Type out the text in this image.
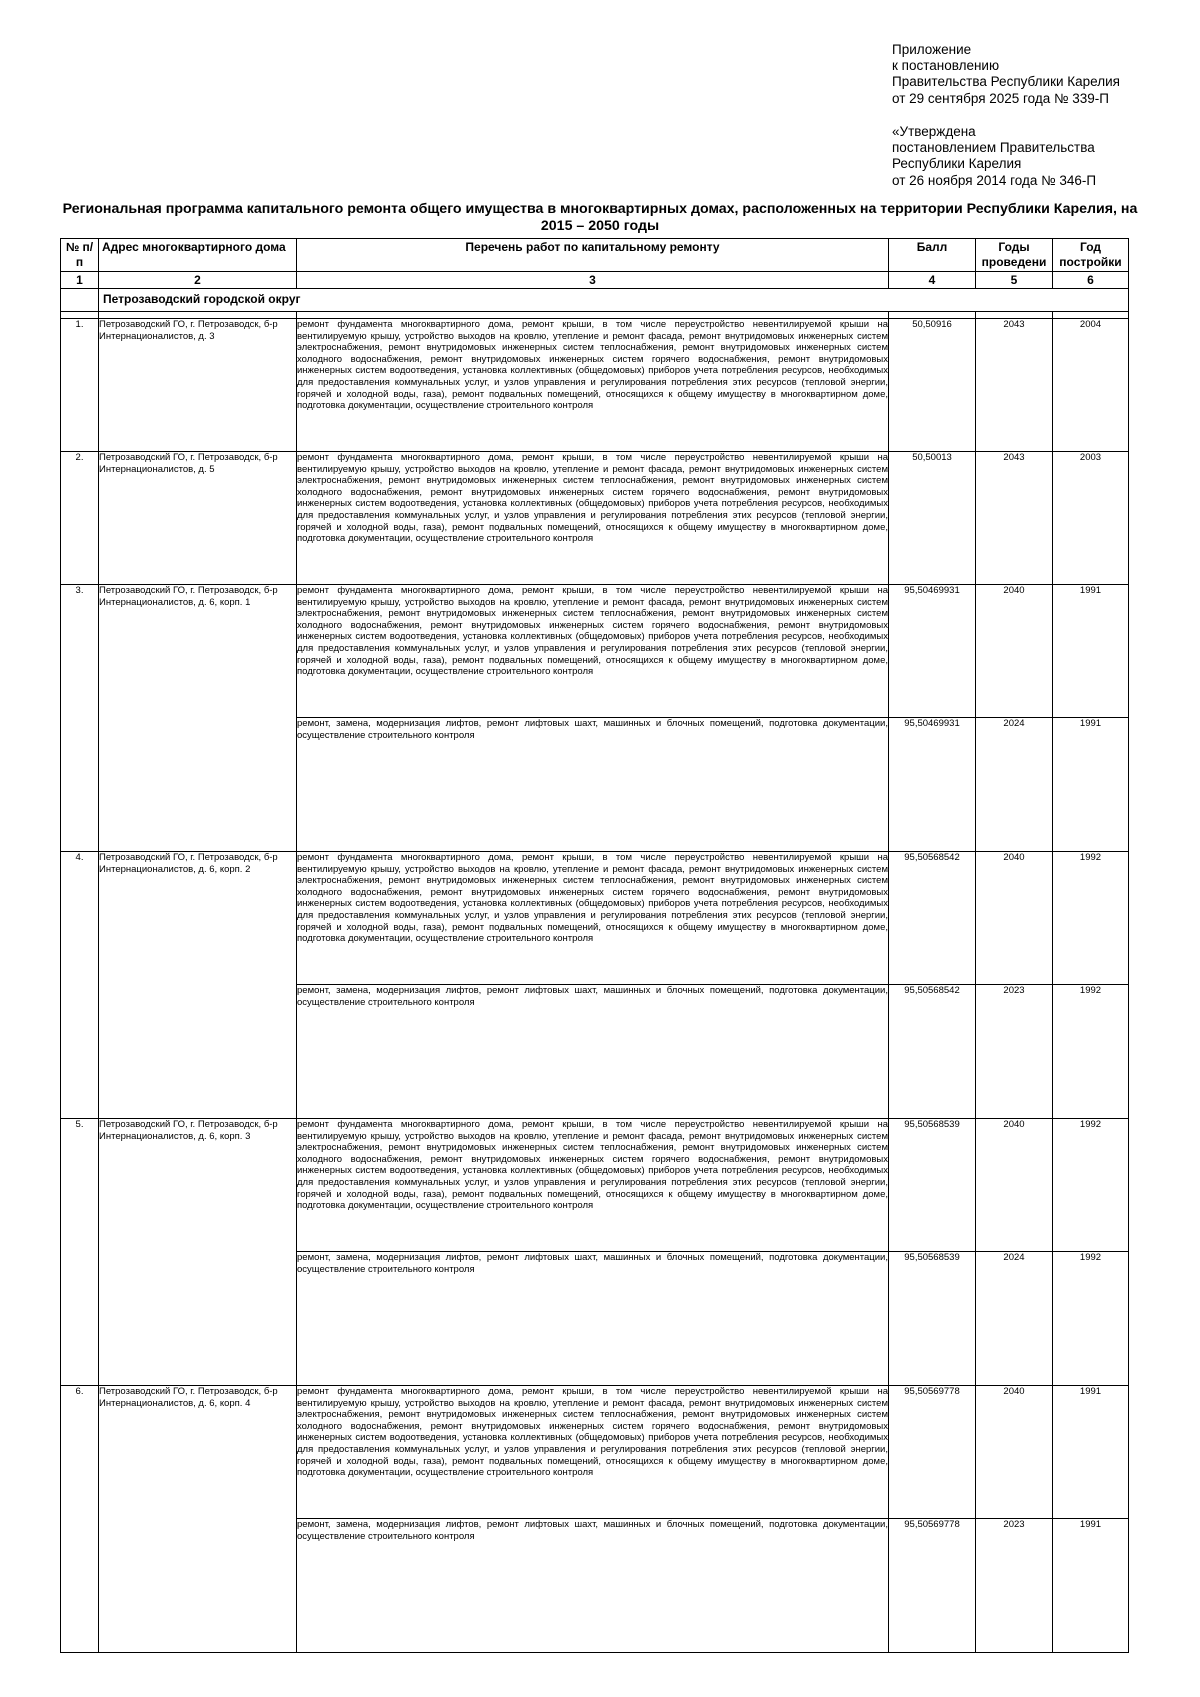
Приложение
к постановлению
Правительства Республики Карелия
от 29 сентября 2025 года № 339-П
«Утверждена
постановлением Правительства
Республики Карелия
от 26 ноября 2014 года № 346-П
Региональная программа капитального ремонта общего имущества в многоквартирных домах, расположенных на территории Республики Карелия, на 2015 – 2050 годы
№ п/п	Адрес многоквартирного дома	Перечень работ по капитальному ремонту	Балл	Годы проведени	Год постройки
1	2	3	4	5	6
	Петрозаводский городской округ				

1.	Петрозаводский ГО, г. Петрозаводск, б-р Интернационалистов, д. 3	ремонт фундамента многоквартирного дома, ремонт крыши, в том числе переустройство невентилируемой крыши на вентилируемую крышу, устройство выходов на кровлю, утепление и ремонт фасада, ремонт внутридомовых инженерных систем электроснабжения, ремонт внутридомовых инженерных систем теплоснабжения, ремонт внутридомовых инженерных систем холодного водоснабжения, ремонт внутридомовых инженерных систем горячего водоснабжения, ремонт внутридомовых инженерных систем водоотведения, установка коллективных (общедомовых) приборов учета потребления ресурсов, необходимых для предоставления коммунальных услуг, и узлов управления и регулирования потребления этих ресурсов (тепловой энергии, горячей и холодной воды, газа), ремонт подвальных помещений, относящихся к общему имуществу в многоквартирном доме, подготовка документации, осуществление строительного контроля	50,50916	2043	2004
2.	Петрозаводский ГО, г. Петрозаводск, б-р Интернационалистов, д. 5	ремонт фундамента многоквартирного дома, ремонт крыши, в том числе переустройство невентилируемой крыши на вентилируемую крышу, устройство выходов на кровлю, утепление и ремонт фасада, ремонт внутридомовых инженерных систем электроснабжения, ремонт внутридомовых инженерных систем теплоснабжения, ремонт внутридомовых инженерных систем холодного водоснабжения, ремонт внутридомовых инженерных систем горячего водоснабжения, ремонт внутридомовых инженерных систем водоотведения, установка коллективных (общедомовых) приборов учета потребления ресурсов, необходимых для предоставления коммунальных услуг, и узлов управления и регулирования потребления этих ресурсов (тепловой энергии, горячей и холодной воды, газа), ремонт подвальных помещений, относящихся к общему имуществу в многоквартирном доме, подготовка документации, осуществление строительного контроля	50,50013	2043	2003
3.	Петрозаводский ГО, г. Петрозаводск, б-р Интернационалистов, д. 6, корп. 1	ремонт фундамента многоквартирного дома, ремонт крыши, в том числе переустройство невентилируемой крыши на вентилируемую крышу, устройство выходов на кровлю, утепление и ремонт фасада, ремонт внутридомовых инженерных систем электроснабжения, ремонт внутридомовых инженерных систем теплоснабжения, ремонт внутридомовых инженерных систем холодного водоснабжения, ремонт внутридомовых инженерных систем горячего водоснабжения, ремонт внутридомовых инженерных систем водоотведения, установка коллективных (общедомовых) приборов учета потребления ресурсов, необходимых для предоставления коммунальных услуг, и узлов управления и регулирования потребления этих ресурсов (тепловой энергии, горячей и холодной воды, газа), ремонт подвальных помещений, относящихся к общему имуществу в многоквартирном доме, подготовка документации, осуществление строительного контроля	95,50469931	2040	1991
		ремонт, замена, модернизация лифтов, ремонт лифтовых шахт, машинных и блочных помещений, подготовка документации, осуществление строительного контроля	95,50469931	2024	1991
4.	Петрозаводский ГО, г. Петрозаводск, б-р Интернационалистов, д. 6, корп. 2	ремонт фундамента многоквартирного дома, ремонт крыши, в том числе переустройство невентилируемой крыши на вентилируемую крышу, устройство выходов на кровлю, утепление и ремонт фасада, ремонт внутридомовых инженерных систем электроснабжения, ремонт внутридомовых инженерных систем теплоснабжения, ремонт внутридомовых инженерных систем холодного водоснабжения, ремонт внутридомовых инженерных систем горячего водоснабжения, ремонт внутридомовых инженерных систем водоотведения, установка коллективных (общедомовых) приборов учета потребления ресурсов, необходимых для предоставления коммунальных услуг, и узлов управления и регулирования потребления этих ресурсов (тепловой энергии, горячей и холодной воды, газа), ремонт подвальных помещений, относящихся к общему имуществу в многоквартирном доме, подготовка документации, осуществление строительного контроля	95,50568542	2040	1992
		ремонт, замена, модернизация лифтов, ремонт лифтовых шахт, машинных и блочных помещений, подготовка документации, осуществление строительного контроля	95,50568542	2023	1992
5.	Петрозаводский ГО, г. Петрозаводск, б-р Интернационалистов, д. 6, корп. 3	ремонт фундамента многоквартирного дома, ремонт крыши, в том числе переустройство невентилируемой крыши на вентилируемую крышу, устройство выходов на кровлю, утепление и ремонт фасада, ремонт внутридомовых инженерных систем электроснабжения, ремонт внутридомовых инженерных систем теплоснабжения, ремонт внутридомовых инженерных систем холодного водоснабжения, ремонт внутридомовых инженерных систем горячего водоснабжения, ремонт внутридомовых инженерных систем водоотведения, установка коллективных (общедомовых) приборов учета потребления ресурсов, необходимых для предоставления коммунальных услуг, и узлов управления и регулирования потребления этих ресурсов (тепловой энергии, горячей и холодной воды, газа), ремонт подвальных помещений, относящихся к общему имуществу в многоквартирном доме, подготовка документации, осуществление строительного контроля	95,50568539	2040	1992
		ремонт, замена, модернизация лифтов, ремонт лифтовых шахт, машинных и блочных помещений, подготовка документации, осуществление строительного контроля	95,50568539	2024	1992
6.	Петрозаводский ГО, г. Петрозаводск, б-р Интернационалистов, д. 6, корп. 4	ремонт фундамента многоквартирного дома, ремонт крыши, в том числе переустройство невентилируемой крыши на вентилируемую крышу, устройство выходов на кровлю, утепление и ремонт фасада, ремонт внутридомовых инженерных систем электроснабжения, ремонт внутридомовых инженерных систем теплоснабжения, ремонт внутридомовых инженерных систем холодного водоснабжения, ремонт внутридомовых инженерных систем горячего водоснабжения, ремонт внутридомовых инженерных систем водоотведения, установка коллективных (общедомовых) приборов учета потребления ресурсов, необходимых для предоставления коммунальных услуг, и узлов управления и регулирования потребления этих ресурсов (тепловой энергии, горячей и холодной воды, газа), ремонт подвальных помещений, относящихся к общему имуществу в многоквартирном доме, подготовка документации, осуществление строительного контроля	95,50569778	2040	1991
		ремонт, замена, модернизация лифтов, ремонт лифтовых шахт, машинных и блочных помещений, подготовка документации, осуществление строительного контроля	95,50569778	2023	1991
